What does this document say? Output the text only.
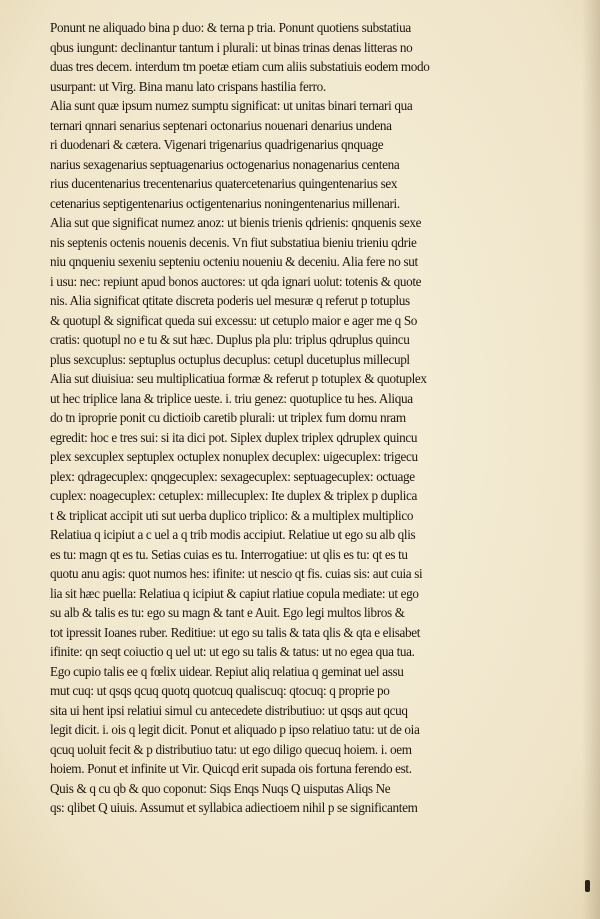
Ponunt ne aliquado bina p duo: & terna p tria. Ponunt quotiens substatiua
qbus iungunt: declinantur tantum i plurali: ut binas trinas denas litteras no
duas tres decem. interdum tm poetæ etiam cum aliis substatiuis eodem modo
usurpant: ut Virg. Bina manu lato crispans hastilia ferro.
Alia sunt quæ ipsum numez sumptu significat: ut unitas binari ternari qua
ternari qnnari senarius septenari octonarius nouenari denarius undena
ri duodenari & cætera. Vigenari trigenarius quadrigenarius qnquage
narius sexagenarius septuagenarius octogenarius nonagenarius centena
rius ducentenarius trecentenarius quatercetenarius quingentenarius sex
cetenarius septigentenarius octigentenarius noningentenarius millenari.
Alia sut que significat numez anoz: ut bienis trienis qdrienis: qnquenis sexe
nis septenis octenis nouenis decenis. Vn fiut substatiua bieniu trieniu qdrie
niu qnqueniu sexeniu septeniu octeniu noueniu & deceniu. Alia fere no sut
i usu: nec: repiunt apud bonos auctores: ut qda ignari uolut: totenis & quote
nis. Alia significat qtitate discreta poderis uel mesuræ q referut p totuplus
& quotupl & significat queda sui excessu: ut cetuplo maior e ager me q So
cratis: quotupl no e tu & sut hæc. Duplus pla plu: triplus qdruplus quincu
plus sexcuplus: septuplus octuplus decuplus: cetupl ducetuplus millecupl
Alia sut diuisiua: seu multiplicatiua formæ & referut p totuplex & quotuplex
ut hec triplice lana & triplice ueste. i. triu genez: quotuplice tu hes. Aliqua
do tn iproprie ponit cu dictioib caretib plurali: ut triplex fum domu nram
egredit: hoc e tres sui: si ita dici pot. Siplex duplex triplex qdruplex quincu
plex sexcuplex septuplex octuplex nonuplex decuplex: uigecuplex: trigecu
plex: qdragecuplex: qnqgecuplex: sexagecuplex: septuagecuplex: octuage
cuplex: noagecuplex: cetuplex: millecuplex: Ite duplex & triplex p duplica
t & triplicat accipit uti sut uerba duplico triplico: & a multiplex multiplico
Relatiua q icipiut a c uel a q trib modis accipiut. Relatiue ut ego su alb qlis
es tu: magn qt es tu. Setias cuias es tu. Interrogatiue: ut qlis es tu: qt es tu
quotu anu agis: quot numos hes: ifinite: ut nescio qt fis. cuias sis: aut cuia si
lia sit hæc puella: Relatiua q icipiut & capiut rlatiue copula mediate: ut ego
su alb & talis es tu: ego su magn & tant e Auit. Ego legi multos libros &
tot ipressit Ioanes ruber. Reditiue: ut ego su talis & tata qlis & qta e elisabet
ifinite: qn seqt coiuctio q uel ut: ut ego su talis & tatus: ut no egea qua tua.
Ego cupio talis ee q fœlix uidear. Repiut aliq relatiua q geminat uel assu
mut cuq: ut qsqs qcuq quotq quotcuq qualiscuq: qtocuq: q proprie po
sita ui hent ipsi relatiui simul cu antecedete distributiuo: ut qsqs aut qcuq
legit dicit. i. ois q legit dicit. Ponut et aliquado p ipso relatiuo tatu: ut de oia
qcuq uoluit fecit & p distributiuo tatu: ut ego diligo quecuq hoiem. i. oem
hoiem. Ponut et infinite ut Vir. Quicqd erit supada ois fortuna ferendo est.
Quis & q cu qb & quo coponut: Siqs Enqs Nuqs Q uisputas Aliqs Ne
qs: qlibet Q uiuis. Assumut et syllabica adiectioem nihil p se significantem
